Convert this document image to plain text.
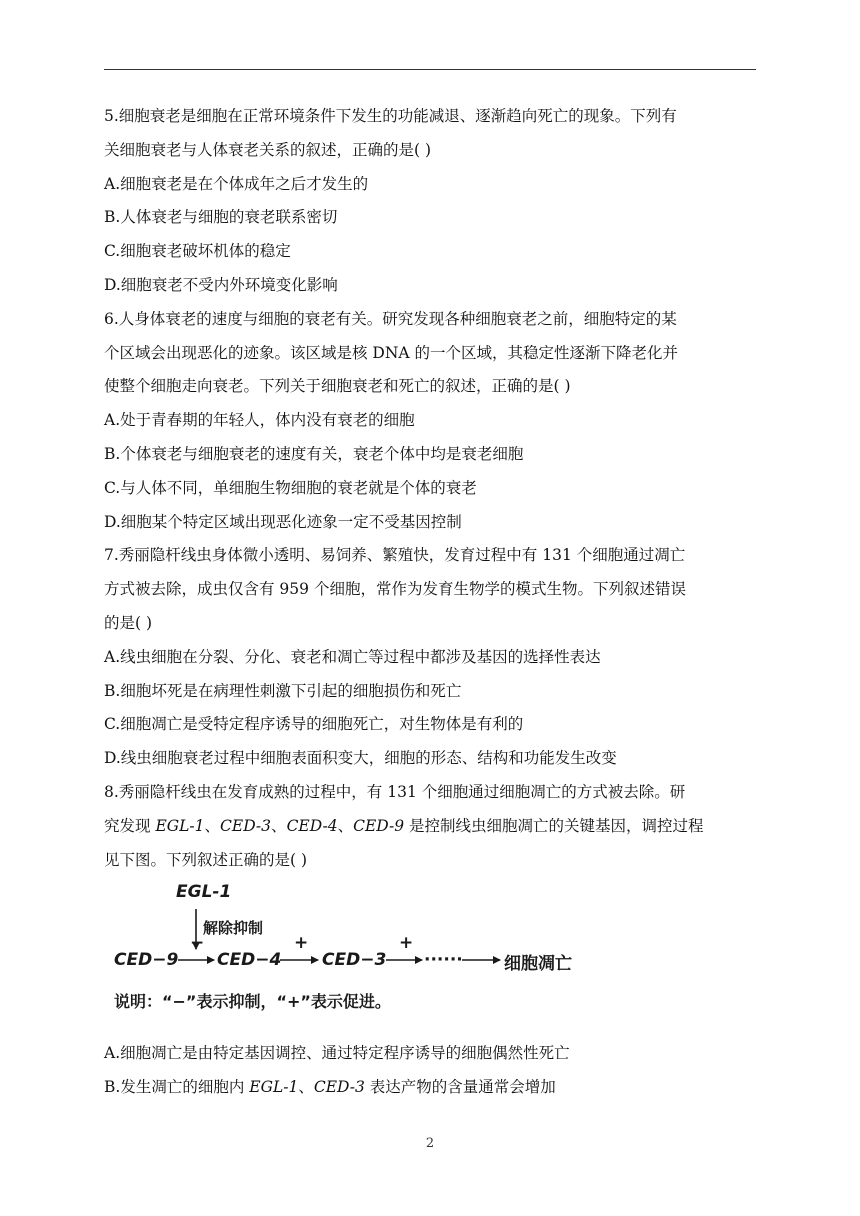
5.细胞衰老是细胞在正常环境条件下发生的功能减退、逐渐趋向死亡的现象。下列有
关细胞衰老与人体衰老关系的叙述，正确的是( )
A.细胞衰老是在个体成年之后才发生的
B.人体衰老与细胞的衰老联系密切
C.细胞衰老破坏机体的稳定
D.细胞衰老不受内外环境变化影响
6.人身体衰老的速度与细胞的衰老有关。研究发现各种细胞衰老之前，细胞特定的某
个区域会出现恶化的迹象。该区域是核 DNA 的一个区域，其稳定性逐渐下降老化并
使整个细胞走向衰老。下列关于细胞衰老和死亡的叙述，正确的是( )
A.处于青春期的年轻人，体内没有衰老的细胞
B.个体衰老与细胞衰老的速度有关，衰老个体中均是衰老细胞
C.与人体不同，单细胞生物细胞的衰老就是个体的衰老
D.细胞某个特定区域出现恶化迹象一定不受基因控制
7.秀丽隐杆线虫身体微小透明、易饲养、繁殖快，发育过程中有 131 个细胞通过凋亡
方式被去除，成虫仅含有 959 个细胞，常作为发育生物学的模式生物。下列叙述错误
的是( )
A.线虫细胞在分裂、分化、衰老和凋亡等过程中都涉及基因的选择性表达
B.细胞坏死是在病理性刺激下引起的细胞损伤和死亡
C.细胞凋亡是受特定程序诱导的细胞死亡，对生物体是有利的
D.线虫细胞衰老过程中细胞表面积变大，细胞的形态、结构和功能发生改变
8.秀丽隐杆线虫在发育成熟的过程中，有 131 个细胞通过细胞凋亡的方式被去除。研
究发现 EGL-1、CED-3、CED-4、CED-9 是控制线虫细胞凋亡的关键基因，调控过程
见下图。下列叙述正确的是( )
EGL-1
解除抑制
−	+	+
CED−9 CED−4 CED−3 ······ 细胞凋亡
说明：“−”表示抑制，“+”表示促进。
A.细胞凋亡是由特定基因调控、通过特定程序诱导的细胞偶然性死亡
B.发生凋亡的细胞内 EGL-1、CED-3 表达产物的含量通常会增加
2
